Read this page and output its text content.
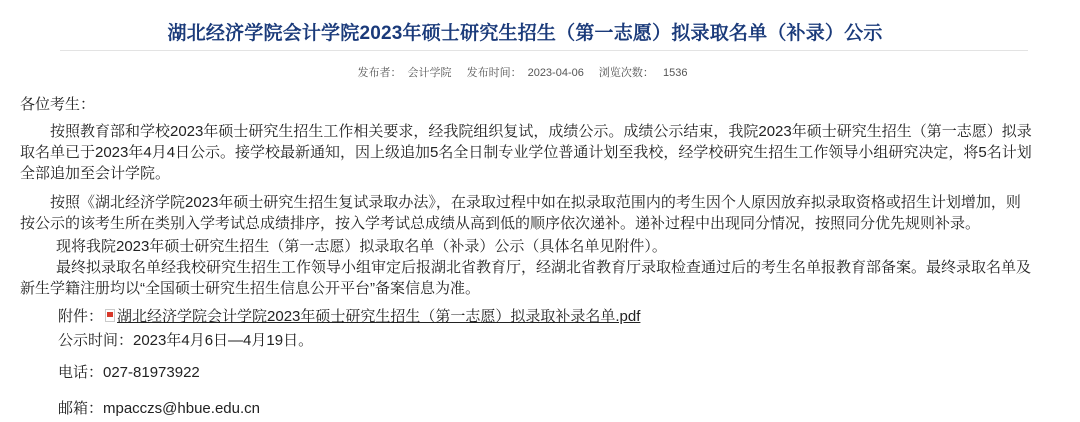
湖北经济学院会计学院2023年硕士研究生招生（第一志愿）拟录取名单（补录）公示
发布者： 会计学院 发布时间： 2023-04-06 浏览次数： 1536

各位考生：

按照教育部和学校2023年硕士研究生招生工作相关要求，经我院组织复试，成绩公示。成绩公示结束，我院2023年硕士研究生招生（第一志愿）拟录取名单已于2023年4月4日公示。接学校最新通知，因上级追加5名全日制专业学位普通计划至我校，经学校研究生招生工作领导小组研究决定，将5名计划全部追加至会计学院。

按照《湖北经济学院2023年硕士研究生招生复试录取办法》，在录取过程中如在拟录取范围内的考生因个人原因放弃拟录取资格或招生计划增加，则按公示的该考生所在类别入学考试总成绩排序，按入学考试总成绩从高到低的顺序依次递补。递补过程中出现同分情况，按照同分优先规则补录。

现将我院2023年硕士研究生招生（第一志愿）拟录取名单（补录）公示（具体名单见附件）。

最终拟录取名单经我校研究生招生工作领导小组审定后报湖北省教育厅，经湖北省教育厅录取检查通过后的考生名单报教育部备案。最终录取名单及新生学籍注册均以“全国硕士研究生招生信息公开平台”备案信息为准。

附件： 湖北经济学院会计学院2023年硕士研究生招生（第一志愿）拟录取补录名单.pdf

公示时间：2023年4月6日—4月19日。

电话：027-81973922

邮箱：mpacczs@hbue.edu.cn
